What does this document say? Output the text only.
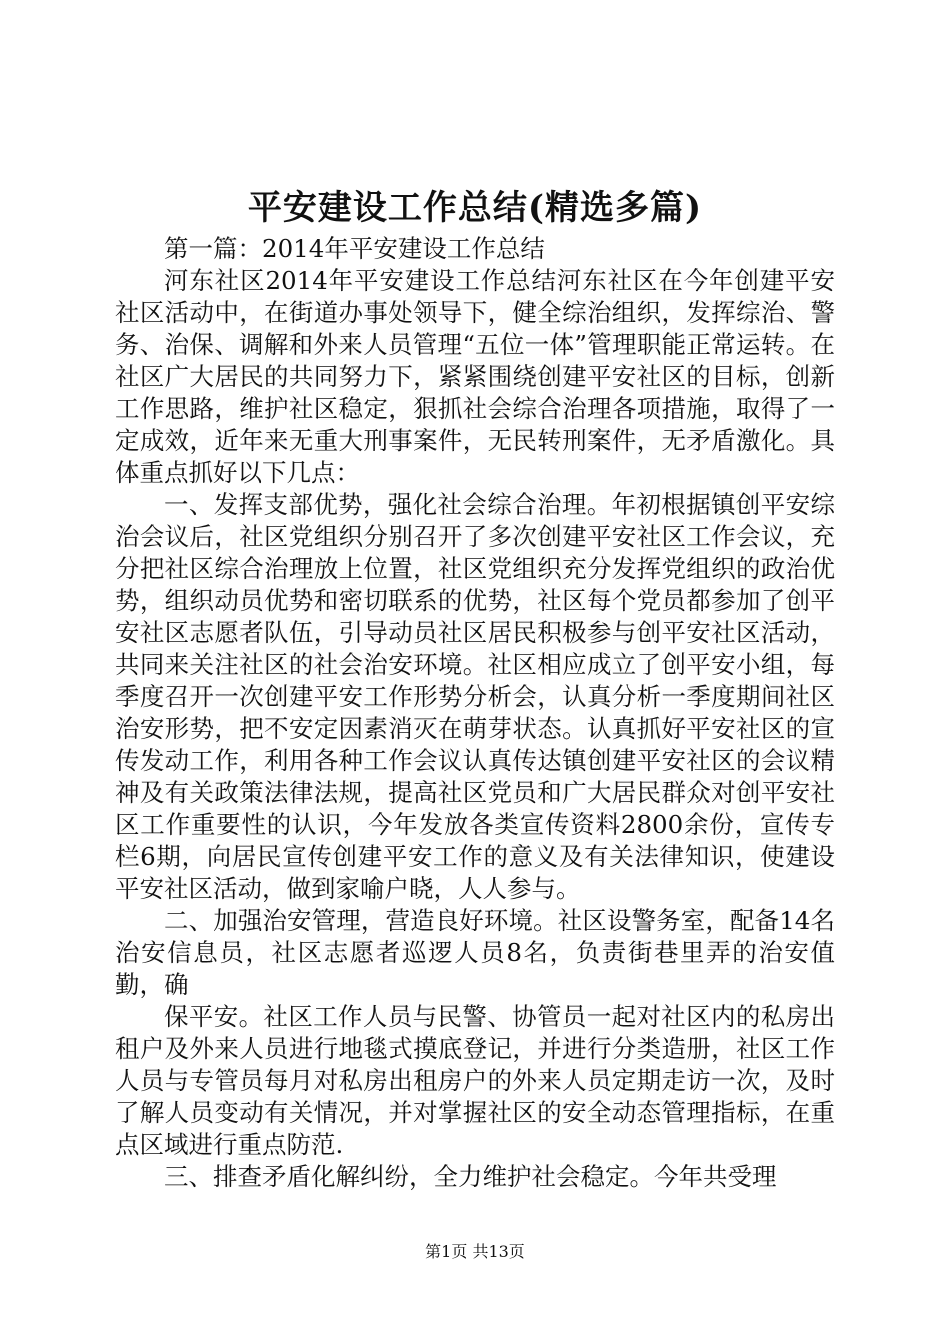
平安建设工作总结(精选多篇)

第一篇：2014年平安建设工作总结

河东社区2014年平安建设工作总结河东社区在今年创建平安社区活动中，在街道办事处领导下，健全综治组织，发挥综治、警务、治保、调解和外来人员管理“五位一体”管理职能正常运转。在社区广大居民的共同努力下，紧紧围绕创建平安社区的目标，创新工作思路，维护社区稳定，狠抓社会综合治理各项措施，取得了一定成效，近年来无重大刑事案件，无民转刑案件，无矛盾激化。具体重点抓好以下几点：

一、发挥支部优势，强化社会综合治理。年初根据镇创平安综治会议后，社区党组织分别召开了多次创建平安社区工作会议，充分把社区综合治理放上位置，社区党组织充分发挥党组织的政治优势，组织动员优势和密切联系的优势，社区每个党员都参加了创平安社区志愿者队伍，引导动员社区居民积极参与创平安社区活动，共同来关注社区的社会治安环境。社区相应成立了创平安小组，每季度召开一次创建平安工作形势分析会，认真分析一季度期间社区治安形势，把不安定因素消灭在萌芽状态。认真抓好平安社区的宣传发动工作，利用各种工作会议认真传达镇创建平安社区的会议精神及有关政策法律法规，提高社区党员和广大居民群众对创平安社区工作重要性的认识，今年发放各类宣传资料2800余份，宣传专栏6期，向居民宣传创建平安工作的意义及有关法律知识，使建设平安社区活动，做到家喻户晓，人人参与。

二、加强治安管理，营造良好环境。社区设警务室，配备14名治安信息员，社区志愿者巡逻人员8名，负责街巷里弄的治安值勤，确

保平安。社区工作人员与民警、协管员一起对社区内的私房出租户及外来人员进行地毯式摸底登记，并进行分类造册，社区工作人员与专管员每月对私房出租房户的外来人员定期走访一次，及时了解人员变动有关情况，并对掌握社区的安全动态管理指标，在重点区域进行重点防范.

三、排查矛盾化解纠纷，全力维护社会稳定。今年共受理

第1页 共13页
